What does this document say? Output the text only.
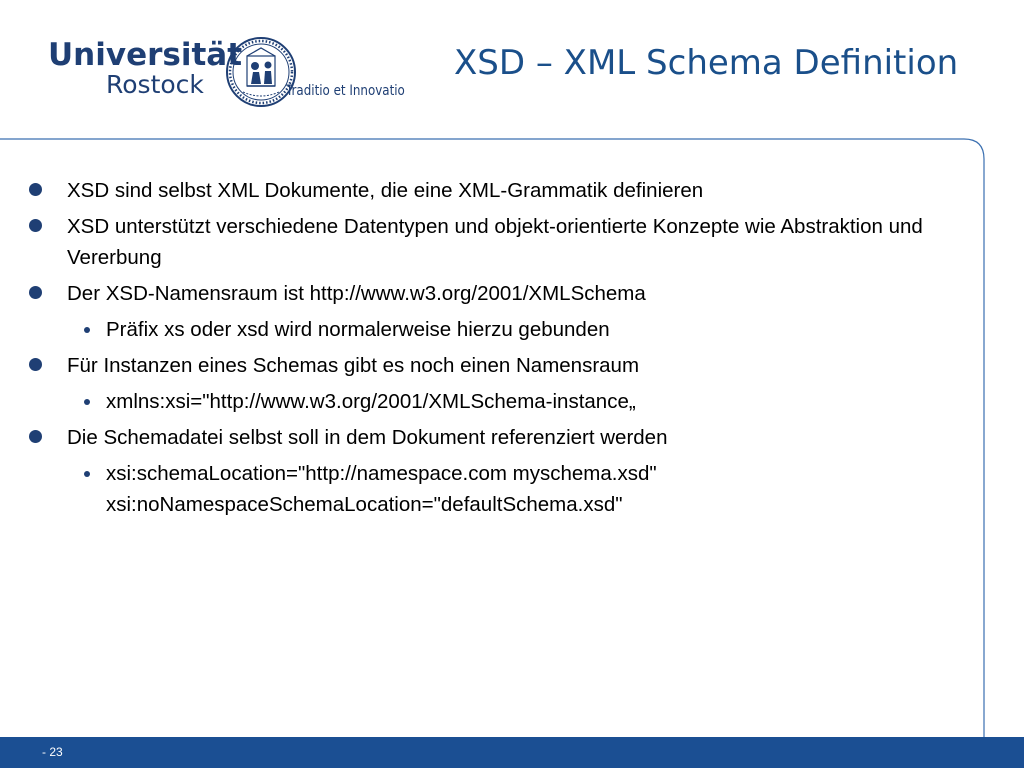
Universität
Rostock	Traditio et Innovatio
XSD – XML Schema Definition
XSD sind selbst XML Dokumente, die eine XML-Grammatik definieren
XSD unterstützt verschiedene Datentypen und objekt-orientierte Konzepte wie Abstraktion und Vererbung
Der XSD-Namensraum ist http://www.w3.org/2001/XMLSchema
Präfix xs oder xsd wird normalerweise hierzu gebunden
Für Instanzen eines Schemas gibt es noch einen Namensraum
xmlns:xsi="http://www.w3.org/2001/XMLSchema-instance„
Die Schemadatei selbst soll in dem Dokument referenziert werden
xsi:schemaLocation="http://namespace.com myschema.xsd" xsi:noNamespaceSchemaLocation="defaultSchema.xsd"
- 23
